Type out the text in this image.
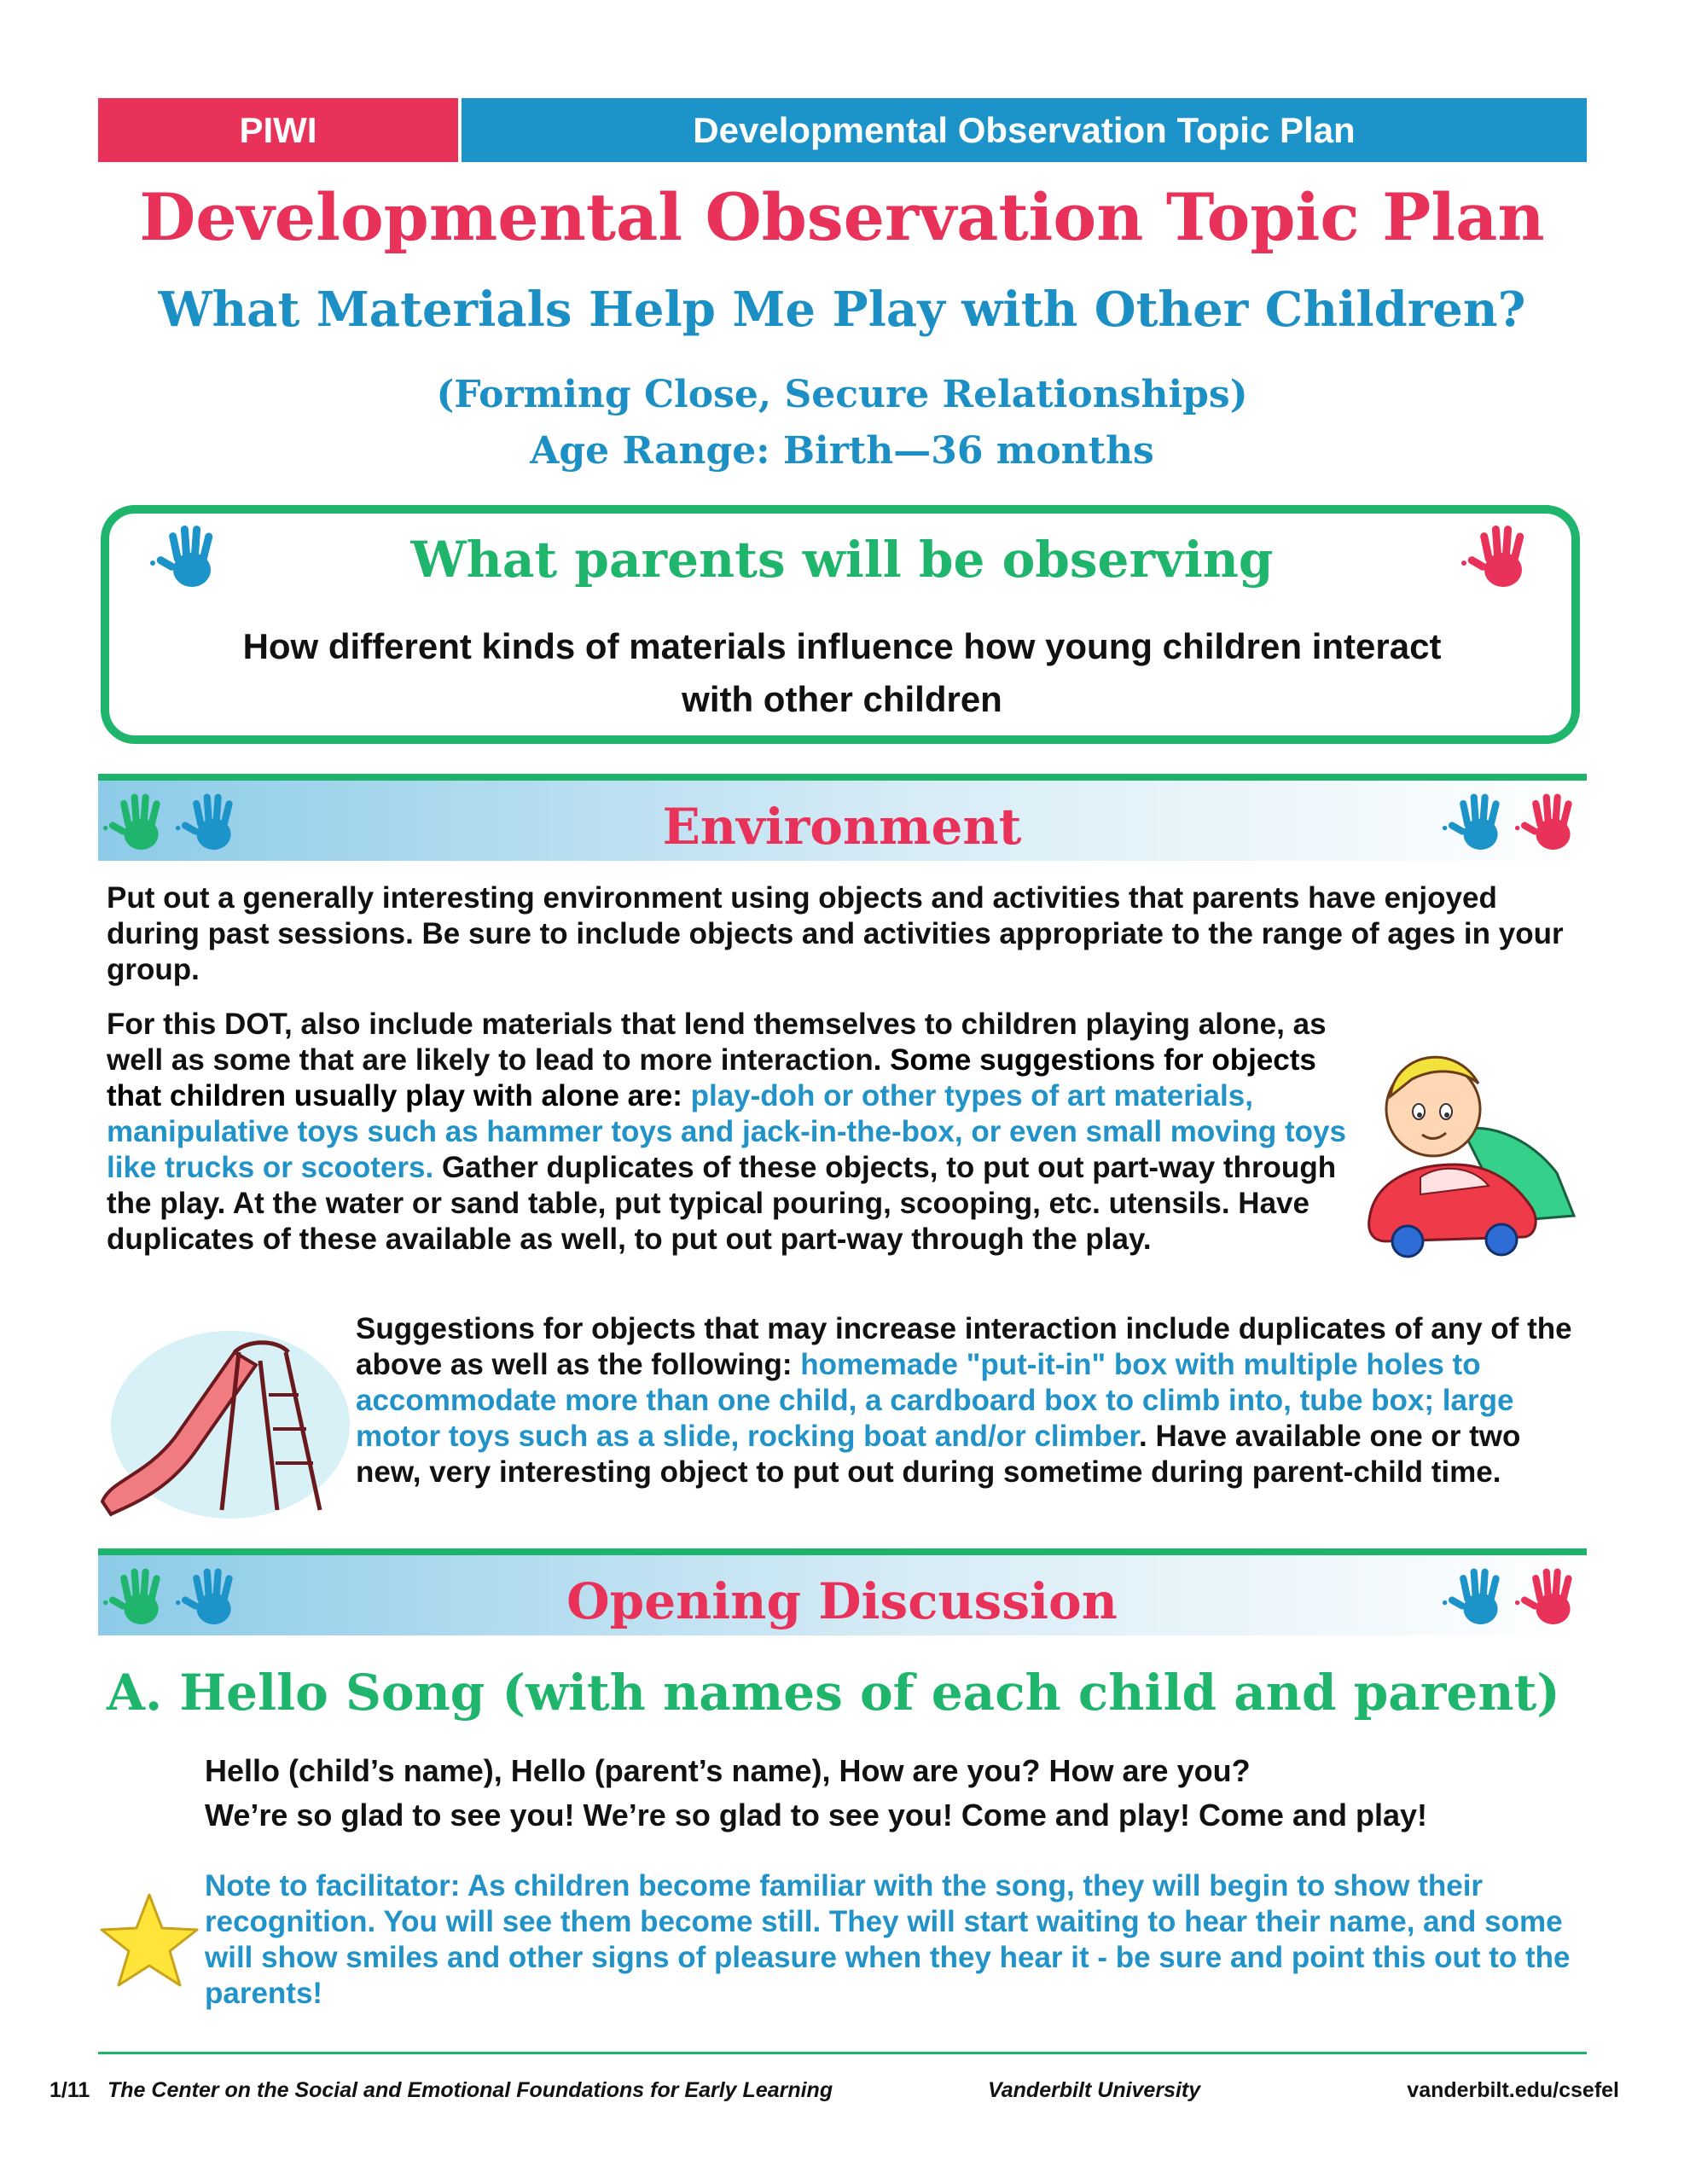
PIWI	Developmental Observation Topic Plan
Developmental Observation Topic Plan
What Materials Help Me Play with Other Children?
(Forming Close, Secure Relationships)
Age Range: Birth—36 months
What parents will be observing
How different kinds of materials influence how young children interact with other children
Environment
Put out a generally interesting environment using objects and activities that parents have enjoyed during past sessions. Be sure to include objects and activities appropriate to the range of ages in your group.
For this DOT, also include materials that lend themselves to children playing alone, as well as some that are likely to lead to more interaction. Some suggestions for objects that children usually play with alone are: play-doh or other types of art materials, manipulative toys such as hammer toys and jack-in-the-box, or even small moving toys like trucks or scooters. Gather duplicates of these objects, to put out part-way through the play. At the water or sand table, put typical pouring, scooping, etc. utensils. Have duplicates of these available as well, to put out part-way through the play.
Suggestions for objects that may increase interaction include duplicates of any of the above as well as the following: homemade "put-it-in" box with multiple holes to accommodate more than one child, a cardboard box to climb into, tube box; large motor toys such as a slide, rocking boat and/or climber. Have available one or two new, very interesting object to put out during sometime during parent-child time.
Opening Discussion
A. Hello Song (with names of each child and parent)
Hello (child’s name), Hello (parent’s name), How are you? How are you?
We’re so glad to see you! We’re so glad to see you! Come and play! Come and play!
Note to facilitator: As children become familiar with the song, they will begin to show their recognition. You will see them become still. They will start waiting to hear their name, and some will show smiles and other signs of pleasure when they hear it - be sure and point this out to the parents!
1/11 The Center on the Social and Emotional Foundations for Early Learning	Vanderbilt University	vanderbilt.edu/csefel
